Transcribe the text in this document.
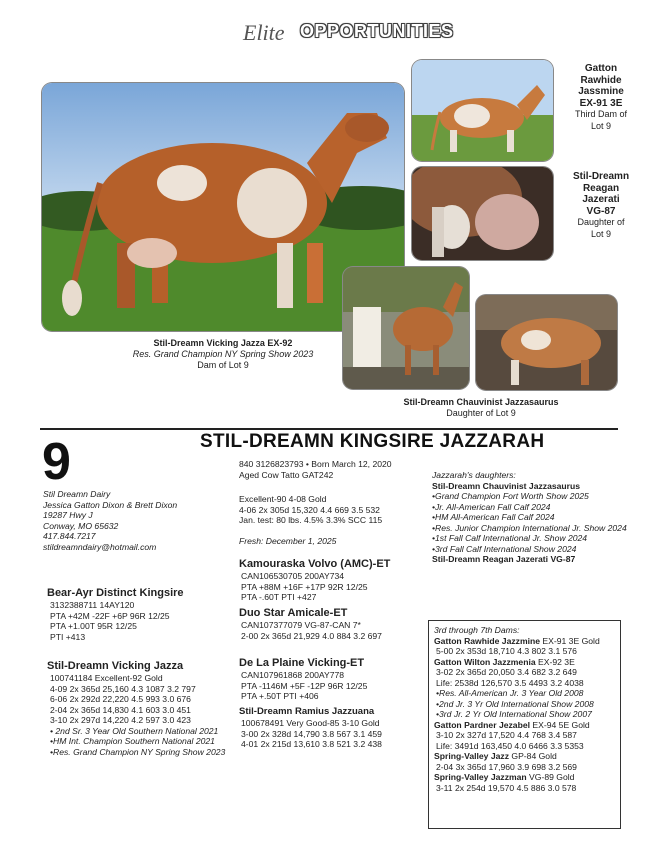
Elite OPPORTUNITIES
Stil-Dreamn Vicking Jazza EX-92
Res. Grand Champion NY Spring Show 2023
Dam of Lot 9
Gatton
Rawhide
Jassmine
EX-91 3E
Third Dam of
Lot 9
Stil-Dreamn
Reagan
Jazerati
VG-87
Daughter of
Lot 9
Stil-Dreamn Chauvinist Jazzasaurus
Daughter of Lot 9
9	STIL-DREAMN KINGSIRE JAZZARAH
Stil Dreamn Dairy
Jessica Gatton Dixon & Brett Dixon
19287 Hwy J
Conway, MO 65632
417.844.7217
stildreamndairy@hotmail.com
840 3126823793 • Born March 12, 2020
Aged Cow Tatto GAT242
Excellent-90 4-08 Gold
4-06 2x 305d 15,320 4.4 669 3.5 532
Jan. test: 80 lbs. 4.5% 3.3% SCC 115
Fresh: December 1, 2025
Jazzarah's daughters:
Stil-Dreamn Chauvinist Jazzasaurus
•Grand Champion Fort Worth Show 2025
•Jr. All-American Fall Calf 2024
•HM All-American Fall Calf 2024
•Res. Junior Champion International Jr. Show 2024
•1st Fall Calf International Jr. Show 2024
•3rd Fall Calf International Show 2024
Stil-Dreamn Reagan Jazerati VG-87
Bear-Ayr Distinct Kingsire
3132388711 14AY120
PTA +42M -22F +6P 96R 12/25
PTA +1.00T 95R 12/25
PTI +413
Stil-Dreamn Vicking Jazza
100741184 Excellent-92 Gold
4-09 2x 365d 25,160 4.3 1087 3.2 797
6-06 2x 292d 22,220 4.5 993 3.0 676
2-04 2x 365d 14,830 4.1 603 3.0 451
3-10 2x 297d 14,220 4.2 597 3.0 423
• 2nd Sr. 3 Year Old Southern National 2021
•HM Int. Champion Southern National 2021
•Res. Grand Champion NY Spring Show 2023
Kamouraska Volvo (AMC)-ET
CAN106530705 200AY734
PTA +88M +16F +17P 92R 12/25
PTA -.60T PTI +427
Duo Star Amicale-ET
CAN107377079 VG-87-CAN 7*
2-00 2x 365d 21,929 4.0 884 3.2 697
De La Plaine Vicking-ET
CAN107961868 200AY778
PTA -1146M +5F -12P 96R 12/25
PTA +.50T PTI +406
Stil-Dreamn Ramius Jazzuana
100678491 Very Good-85 3-10 Gold
3-00 2x 328d 14,790 3.8 567 3.1 459
4-01 2x 215d 13,610 3.8 521 3.2 438
3rd through 7th Dams:
Gatton Rawhide Jazzmine EX-91 3E Gold
5-00 2x 353d 18,710 4.3 802 3.1 576
Gatton Wilton Jazzmenia EX-92 3E
3-02 2x 365d 20,050 3.4 682 3.2 649
Life: 2538d 126,570 3.5 4493 3.2 4038
•Res. All-American Jr. 3 Year Old 2008
•2nd Jr. 3 Yr Old International Show 2008
•3rd Jr. 2 Yr Old International Show 2007
Gatton Pardner Jezabel EX-94 5E Gold
3-10 2x 327d 17,520 4.4 768 3.4 587
Life: 3491d 163,450 4.0 6466 3.3 5353
Spring-Valley Jazz GP-84 Gold
2-04 3x 365d 17,960 3.9 698 3.2 569
Spring-Valley Jazzman VG-89 Gold
3-11 2x 254d 19,570 4.5 886 3.0 578
